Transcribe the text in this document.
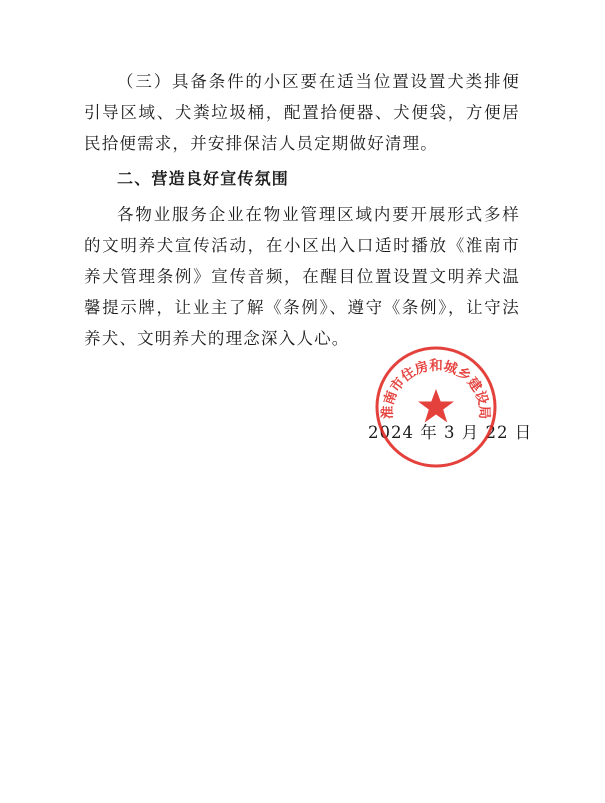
（三）具备条件的小区要在适当位置设置犬类排便引导区域、犬粪垃圾桶，配置拾便器、犬便袋，方便居民拾便需求，并安排保洁人员定期做好清理。

二、营造良好宣传氛围

各物业服务企业在物业管理区域内要开展形式多样的文明养犬宣传活动，在小区出入口适时播放《淮南市养犬管理条例》宣传音频，在醒目位置设置文明养犬温馨提示牌，让业主了解《条例》、遵守《条例》，让守法养犬、文明养犬的理念深入人心。

2024 年 3 月 22 日

淮南市住房和城乡建设局
